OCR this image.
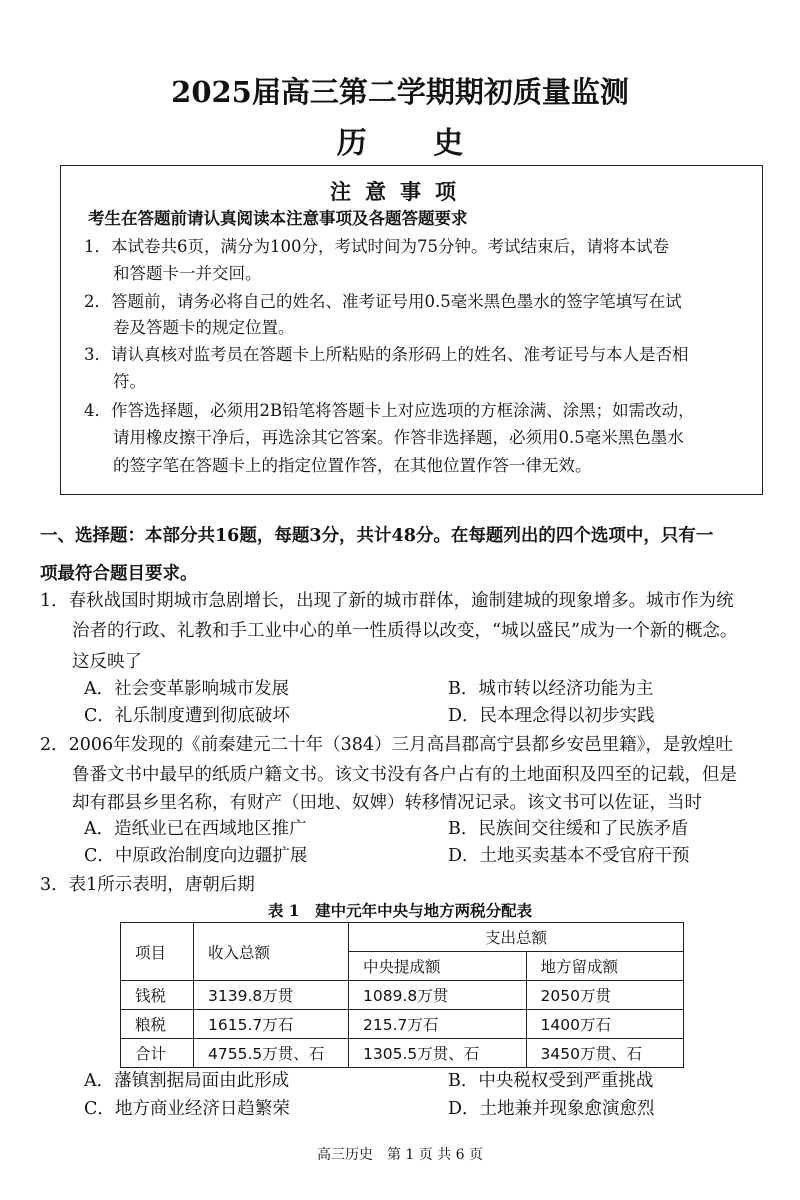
2025届高三第二学期期初质量监测
历 史
注意事项
考生在答题前请认真阅读本注意事项及各题答题要求
1．本试卷共6页，满分为100分，考试时间为75分钟。考试结束后，请将本试卷
和答题卡一并交回。
2．答题前，请务必将自己的姓名、准考证号用0.5毫米黑色墨水的签字笔填写在试
卷及答题卡的规定位置。
3．请认真核对监考员在答题卡上所粘贴的条形码上的姓名、准考证号与本人是否相
符。
4．作答选择题，必须用2B铅笔将答题卡上对应选项的方框涂满、涂黑；如需改动，
请用橡皮擦干净后，再选涂其它答案。作答非选择题，必须用0.5毫米黑色墨水
的签字笔在答题卡上的指定位置作答，在其他位置作答一律无效。
一、选择题：本部分共16题，每题3分，共计48分。在每题列出的四个选项中，只有一
项最符合题目要求。
1．春秋战国时期城市急剧增长，出现了新的城市群体，逾制建城的现象增多。城市作为统
治者的行政、礼教和手工业中心的单一性质得以改变，“城以盛民”成为一个新的概念。
这反映了
A．社会变革影响城市发展	B．城市转以经济功能为主
C．礼乐制度遭到彻底破坏	D．民本理念得以初步实践
2．2006年发现的《前秦建元二十年（384）三月高昌郡高宁县都乡安邑里籍》，是敦煌吐
鲁番文书中最早的纸质户籍文书。该文书没有各户占有的土地面积及四至的记载，但是
却有郡县乡里名称，有财产（田地、奴婢）转移情况记录。该文书可以佐证，当时
A．造纸业已在西域地区推广	B．民族间交往缓和了民族矛盾
C．中原政治制度向边疆扩展	D．土地买卖基本不受官府干预
3．表1所示表明，唐朝后期
表 1　建中元年中央与地方两税分配表
项目	收入总额	支出总额	
		中央提成额	地方留成额
钱税	3139.8万贯	1089.8万贯	2050万贯
粮税	1615.7万石	215.7万石	1400万石
合计	4755.5万贯、石	1305.5万贯、石	3450万贯、石
A．藩镇割据局面由此形成	B．中央税权受到严重挑战
C．地方商业经济日趋繁荣	D．土地兼并现象愈演愈烈
高三历史　第 1 页 共 6 页
